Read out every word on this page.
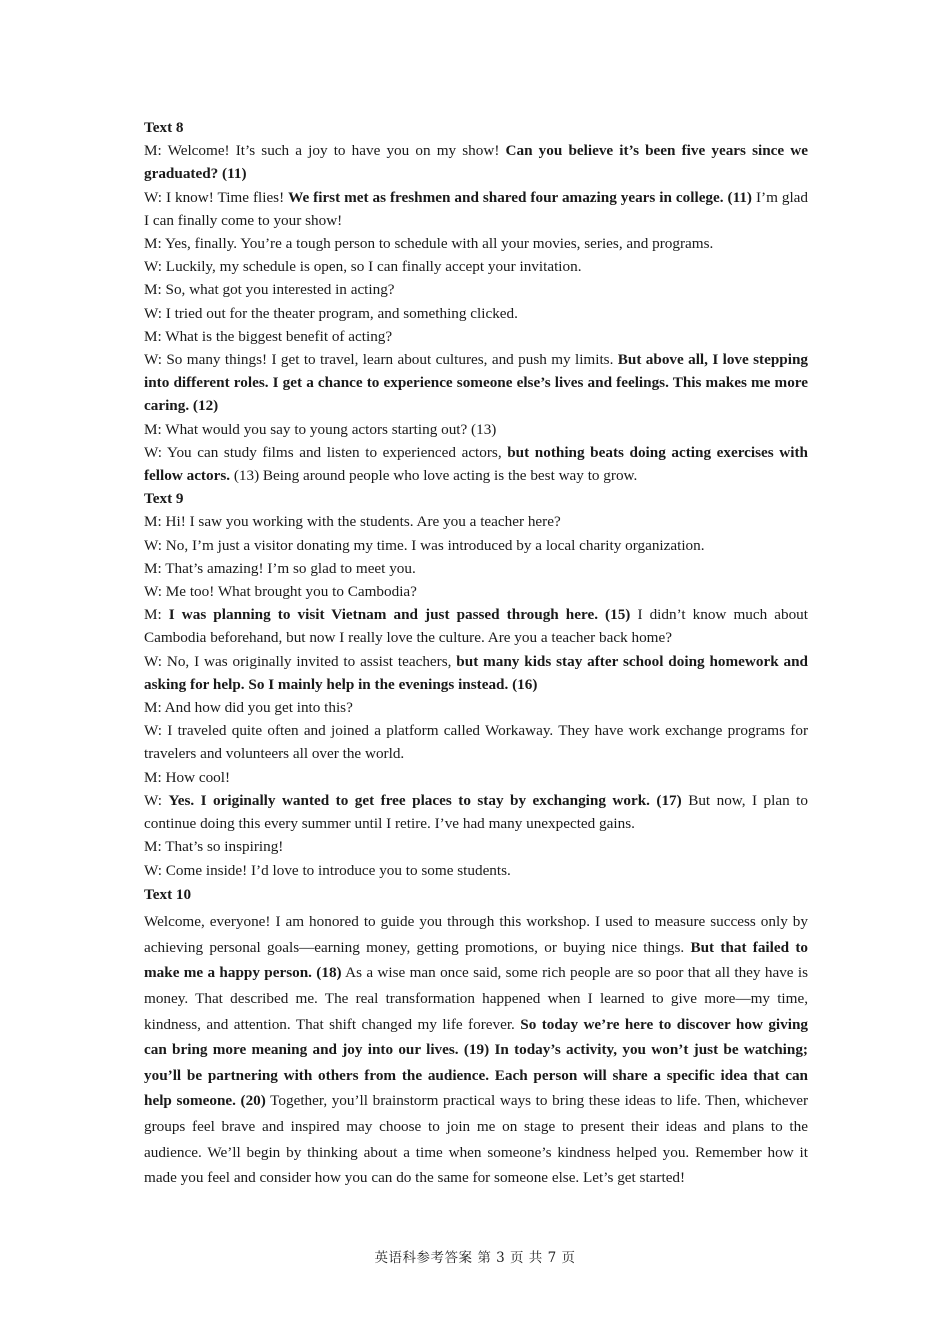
Text 8

M: Welcome! It’s such a joy to have you on my show! Can you believe it’s been five years since we graduated? (11)

W: I know! Time flies! We first met as freshmen and shared four amazing years in college. (11) I’m glad I can finally come to your show!

M: Yes, finally. You’re a tough person to schedule with all your movies, series, and programs.

W: Luckily, my schedule is open, so I can finally accept your invitation.

M: So, what got you interested in acting?

W: I tried out for the theater program, and something clicked.

M: What is the biggest benefit of acting?

W: So many things! I get to travel, learn about cultures, and push my limits. But above all, I love stepping into different roles. I get a chance to experience someone else’s lives and feelings. This makes me more caring. (12)

M: What would you say to young actors starting out? (13)

W: You can study films and listen to experienced actors, but nothing beats doing acting exercises with fellow actors. (13) Being around people who love acting is the best way to grow.

Text 9

M: Hi! I saw you working with the students. Are you a teacher here?

W: No, I’m just a visitor donating my time. I was introduced by a local charity organization.

M: That’s amazing! I’m so glad to meet you.

W: Me too! What brought you to Cambodia?

M: I was planning to visit Vietnam and just passed through here. (15) I didn’t know much about Cambodia beforehand, but now I really love the culture. Are you a teacher back home?

W: No, I was originally invited to assist teachers, but many kids stay after school doing homework and asking for help. So I mainly help in the evenings instead. (16)

M: And how did you get into this?

W: I traveled quite often and joined a platform called Workaway. They have work exchange programs for travelers and volunteers all over the world.

M: How cool!

W: Yes. I originally wanted to get free places to stay by exchanging work. (17) But now, I plan to continue doing this every summer until I retire. I’ve had many unexpected gains.

M: That’s so inspiring!

W: Come inside! I’d love to introduce you to some students.

Text 10

Welcome, everyone! I am honored to guide you through this workshop. I used to measure success only by achieving personal goals—earning money, getting promotions, or buying nice things. But that failed to make me a happy person. (18) As a wise man once said, some rich people are so poor that all they have is money. That described me. The real transformation happened when I learned to give more—my time, kindness, and attention. That shift changed my life forever. So today we’re here to discover how giving can bring more meaning and joy into our lives. (19) In today’s activity, you won’t just be watching; you’ll be partnering with others from the audience. Each person will share a specific idea that can help someone. (20) Together, you’ll brainstorm practical ways to bring these ideas to life. Then, whichever groups feel brave and inspired may choose to join me on stage to present their ideas and plans to the audience. We’ll begin by thinking about a time when someone’s kindness helped you. Remember how it made you feel and consider how you can do the same for someone else. Let’s get started!

英语科参考答案 第 3 页 共 7 页
